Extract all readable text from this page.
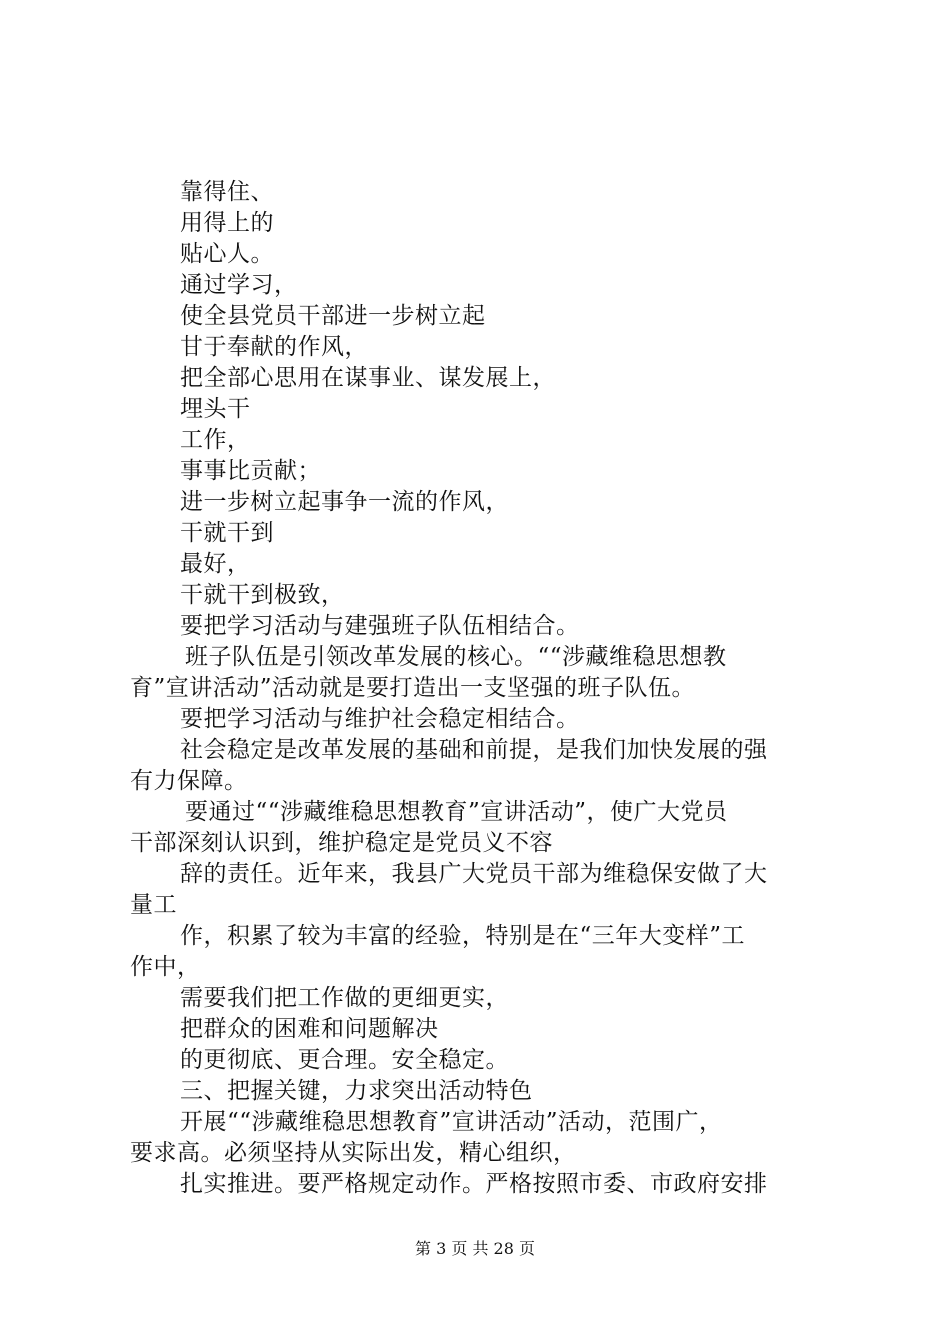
靠得住、
用得上的
贴心人。
通过学习，
使全县党员干部进一步树立起
甘于奉献的作风，
把全部心思用在谋事业、谋发展上，
埋头干
工作，
事事比贡献；
进一步树立起事争一流的作风，
干就干到
最好，
干就干到极致，
要把学习活动与建强班子队伍相结合。
班子队伍是引领改革发展的核心。““涉藏维稳思想教
育”宣讲活动”活动就是要打造出一支坚强的班子队伍。
要把学习活动与维护社会稳定相结合。
社会稳定是改革发展的基础和前提，是我们加快发展的强
有力保障。
要通过““涉藏维稳思想教育”宣讲活动”，使广大党员
干部深刻认识到，维护稳定是党员义不容
辞的责任。近年来，我县广大党员干部为维稳保安做了大
量工
作，积累了较为丰富的经验，特别是在“三年大变样”工
作中，
需要我们把工作做的更细更实，
把群众的困难和问题解决
的更彻底、更合理。安全稳定。
三、把握关键，力求突出活动特色
开展““涉藏维稳思想教育”宣讲活动”活动，范围广，
要求高。必须坚持从实际出发，精心组织，
扎实推进。要严格规定动作。严格按照市委、市政府安排
第 3 页 共 28 页
